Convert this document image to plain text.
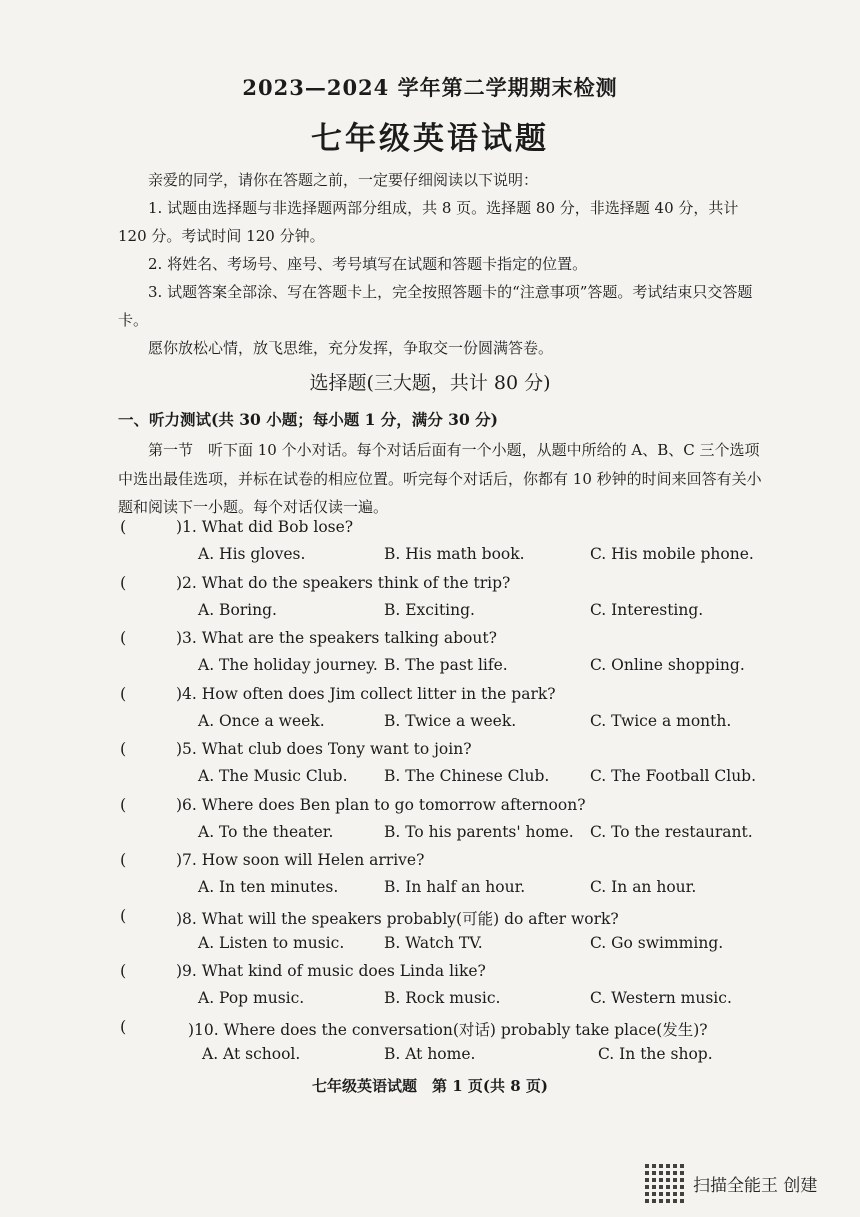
2023—2024 学年第二学期期末检测
七年级英语试题

亲爱的同学，请你在答题之前，一定要仔细阅读以下说明：

1. 试题由选择题与非选择题两部分组成，共 8 页。选择题 80 分，非选择题 40 分，共计 120 分。考试时间 120 分钟。

2. 将姓名、考场号、座号、考号填写在试题和答题卡指定的位置。

3. 试题答案全部涂、写在答题卡上，完全按照答题卡的“注意事项”答题。考试结束只交答题卡。

愿你放松心情，放飞思维，充分发挥，争取交一份圆满答卷。

选择题(三大题，共计 80 分)
一、听力测试(共 30 小题；每小题 1 分，满分 30 分)
第一节　听下面 10 个小对话。每个对话后面有一个小题，从题中所给的 A、B、C 三个选项中选出最佳选项，并标在试卷的相应位置。听完每个对话后，你都有 10 秒钟的时间来回答有关小题和阅读下一小题。每个对话仅读一遍。
(	)1. What did Bob lose?
A. His gloves.	B. His math book.	C. His mobile phone.
(	)2. What do the speakers think of the trip?
A. Boring.	B. Exciting.	C. Interesting.
(	)3. What are the speakers talking about?
A. The holiday journey. B. The past life.	C. Online shopping.
(	)4. How often does Jim collect litter in the park?
A. Once a week.	B. Twice a week.	C. Twice a month.
(	)5. What club does Tony want to join?
A. The Music Club. B. The Chinese Club.	C. The Football Club.
(	)6. Where does Ben plan to go tomorrow afternoon?
A. To the theater.	B. To his parents' home. C. To the restaurant.
(	)7. How soon will Helen arrive?
A. In ten minutes.	B. In half an hour.	C. In an hour.
(	)8. What will the speakers probably(可能) do after work?
A. Listen to music.	B. Watch TV.	C. Go swimming.
(	)9. What kind of music does Linda like?
A. Pop music.	B. Rock music.	C. Western music.
(	)10. Where does the conversation(对话) probably take place(发生)?
A. At school.	B. At home.	C. In the shop.
七年级英语试题　第 1 页(共 8 页)
扫描全能王 创建
